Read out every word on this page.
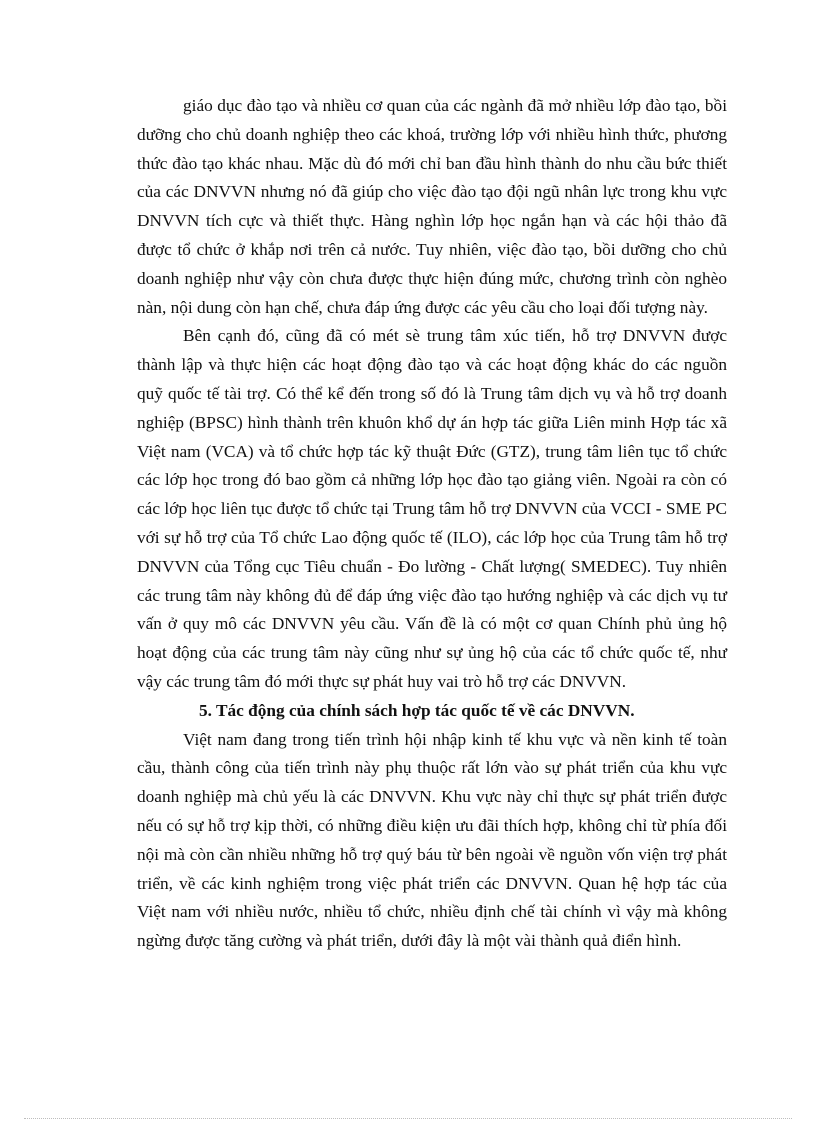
giáo dục đào tạo và nhiều cơ quan của các ngành đã mở nhiều lớp đào tạo, bồi dưỡng cho chủ doanh nghiệp theo các khoá, trường lớp với nhiều hình thức, phương thức đào tạo khác nhau. Mặc dù đó mới chỉ ban đầu hình thành do nhu cầu bức thiết của các DNVVN nhưng nó đã giúp cho việc đào tạo đội ngũ nhân lực trong khu vực DNVVN tích cực và thiết thực. Hàng nghìn lớp học ngắn hạn và các hội thảo đã được tổ chức ở khắp nơi trên cả nước. Tuy nhiên, việc đào tạo, bồi dưỡng cho chủ doanh nghiệp như vậy còn chưa được thực hiện đúng mức, chương trình còn nghèo nàn, nội dung còn hạn chế, chưa đáp ứng được các yêu cầu cho loại đối tượng này.

Bên cạnh đó, cũng đã có mét sè trung tâm xúc tiến, hỗ trợ DNVVN được thành lập và thực hiện các hoạt động đào tạo và các hoạt động khác do các nguồn quỹ quốc tế tài trợ. Có thể kể đến trong số đó là Trung tâm dịch vụ và hỗ trợ doanh nghiệp (BPSC) hình thành trên khuôn khổ dự án hợp tác giữa Liên minh Hợp tác xã Việt nam (VCA) và tổ chức hợp tác kỹ thuật Đức (GTZ), trung tâm liên tục tổ chức các lớp học trong đó bao gồm cả những lớp học đào tạo giảng viên. Ngoài ra còn có các lớp học liên tục được tổ chức tại Trung tâm hỗ trợ DNVVN của VCCI - SME PC với sự hỗ trợ của Tổ chức Lao động quốc tế (ILO), các lớp học của Trung tâm hỗ trợ DNVVN của Tổng cục Tiêu chuẩn - Đo lường - Chất lượng( SMEDEC). Tuy nhiên các trung tâm này không đủ để đáp ứng việc đào tạo hướng nghiệp và các dịch vụ tư vấn ở quy mô các DNVVN yêu cầu. Vấn đề là có một cơ quan Chính phủ ủng hộ hoạt động của các trung tâm này cũng như sự ủng hộ của các tổ chức quốc tế, như vậy các trung tâm đó mới thực sự phát huy vai trò hỗ trợ các DNVVN.

5. Tác động của chính sách hợp tác quốc tế về các DNVVN.

Việt nam đang trong tiến trình hội nhập kinh tế khu vực và nền kinh tế toàn cầu, thành công của tiến trình này phụ thuộc rất lớn vào sự phát triển của khu vực doanh nghiệp mà chủ yếu là các DNVVN. Khu vực này chỉ thực sự phát triển được nếu có sự hỗ trợ kịp thời, có những điều kiện ưu đãi thích hợp, không chỉ từ phía đối nội mà còn cần nhiều những hỗ trợ quý báu từ bên ngoài về nguồn vốn viện trợ phát triển, về các kinh nghiệm trong việc phát triển các DNVVN. Quan hệ hợp tác của Việt nam với nhiều nước, nhiều tổ chức, nhiều định chế tài chính vì vậy mà không ngừng được tăng cường và phát triển, dưới đây là một vài thành quả điển hình.
